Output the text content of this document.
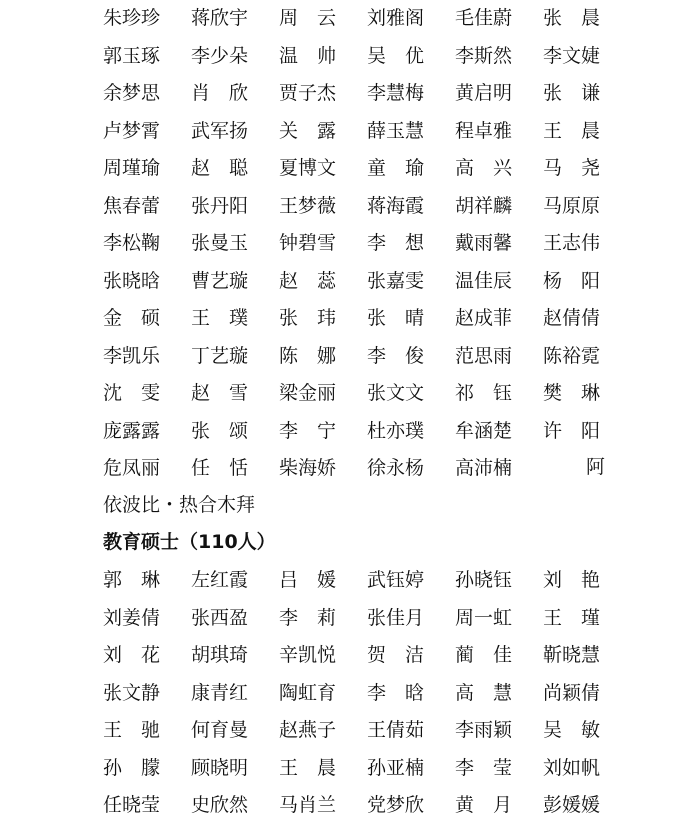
朱珍珍	蒋欣宇	周　云	刘雅阁	毛佳蔚	张　晨
郭玉琢	李少朵	温　帅	吴　优	李斯然	李文婕
余梦思	肖　欣	贾子杰	李慧梅	黄启明	张　谦
卢梦霄	武军扬	关　露	薛玉慧	程卓雅	王　晨
周瑾瑜	赵　聪	夏博文	童　瑜	高　兴	马　尧
焦春蕾	张丹阳	王梦薇	蒋海霞	胡祥麟	马原原
李松鞠	张曼玉	钟碧雪	李　想	戴雨馨	王志伟
张晓晗	曹艺璇	赵　蕊	张嘉雯	温佳辰	杨　阳
金　硕	王　璞	张　玮	张　晴	赵成菲	赵倩倩
李凯乐	丁艺璇	陈　娜	李　俊	范思雨	陈裕霓
沈　雯	赵　雪	梁金丽	张文文	祁　钰	樊　琳
庞露露	张　颂	李　宁	杜亦璞	牟涵楚	许　阳
危凤丽	任　恬	柴海娇	徐永杨	高沛楠	阿
依波比・热合木拜
教育硕士（110人）
郭　琳	左红霞	吕　媛	武钰婷	孙晓钰	刘　艳
刘姜倩	张西盈	李　莉	张佳月	周一虹	王　瑾
刘　花	胡琪琦	辛凯悦	贺　洁	蔺　佳	靳晓慧
张文静	康青红	陶虹育	李　晗	高　慧	尚颖倩
王　驰	何育曼	赵燕子	王倩茹	李雨颖	吴　敏
孙　朦	顾晓明	王　晨	孙亚楠	李　莹	刘如帆
任晓莹	史欣然	马肖兰	党梦欣	黄　月	彭媛媛
